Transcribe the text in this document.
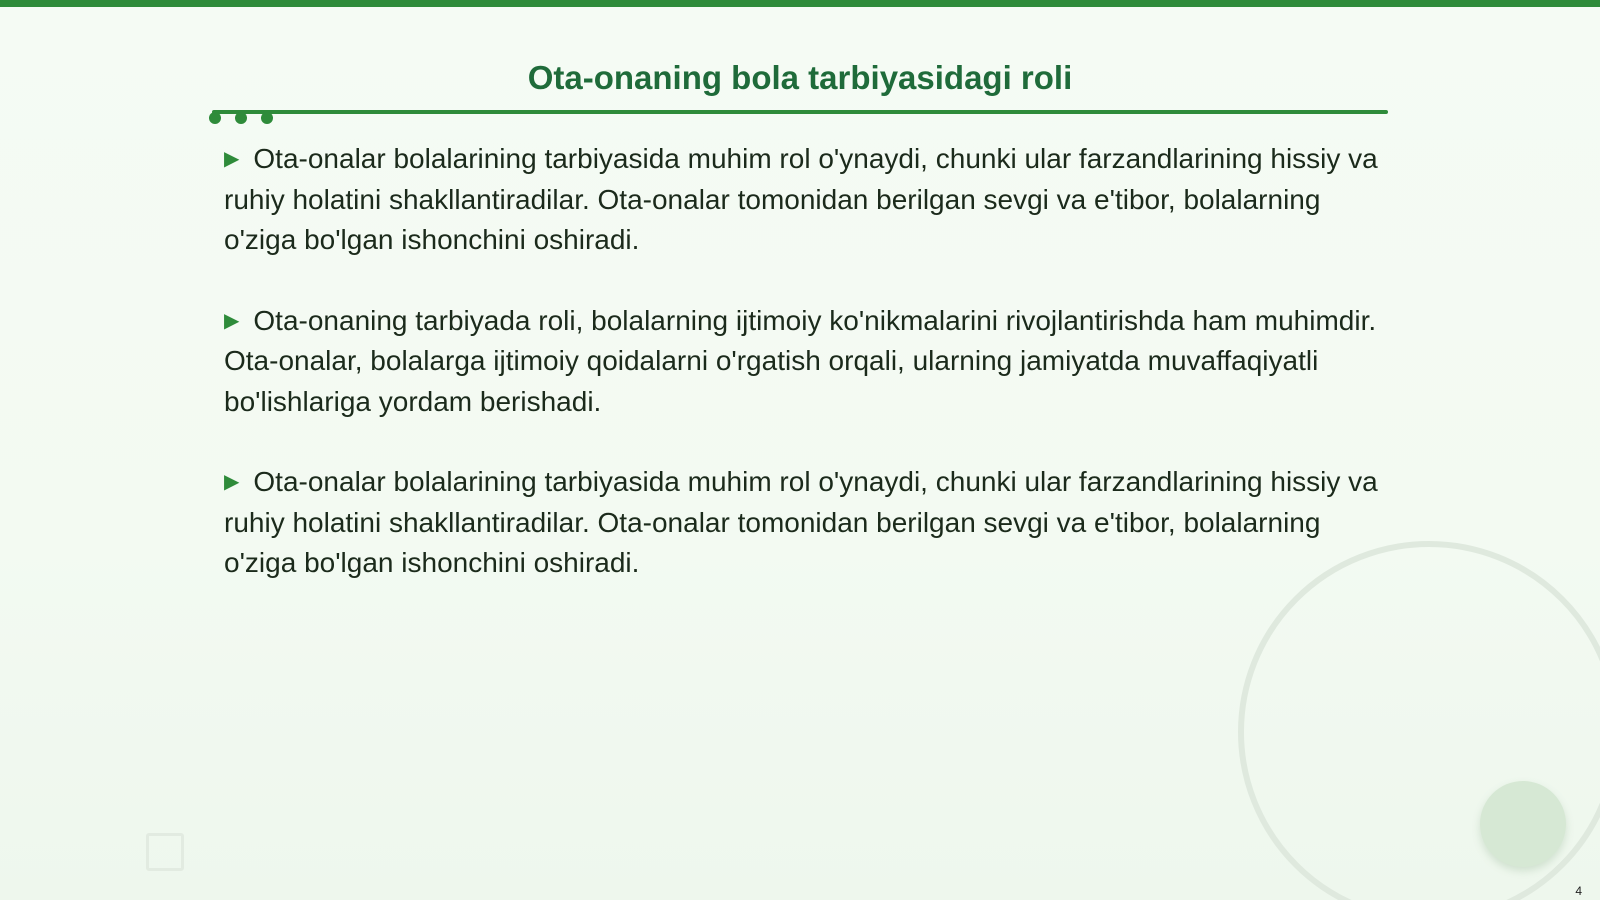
Ota-onaning bola tarbiyasidagi roli
▶ Ota-onalar bolalarining tarbiyasida muhim rol o'ynaydi, chunki ular farzandlarining hissiy va ruhiy holatini shakllantiradilar. Ota-onalar tomonidan berilgan sevgi va e'tibor, bolalarning o'ziga bo'lgan ishonchini oshiradi.
▶ Ota-onaning tarbiyada roli, bolalarning ijtimoiy ko'nikmalarini rivojlantirishda ham muhimdir. Ota-onalar, bolalarga ijtimoiy qoidalarni o'rgatish orqali, ularning jamiyatda muvaffaqiyatli bo'lishlariga yordam berishadi.
▶ Ota-onalar bolalarining tarbiyasida muhim rol o'ynaydi, chunki ular farzandlarining hissiy va ruhiy holatini shakllantiradilar. Ota-onalar tomonidan berilgan sevgi va e'tibor, bolalarning o'ziga bo'lgan ishonchini oshiradi.
4
